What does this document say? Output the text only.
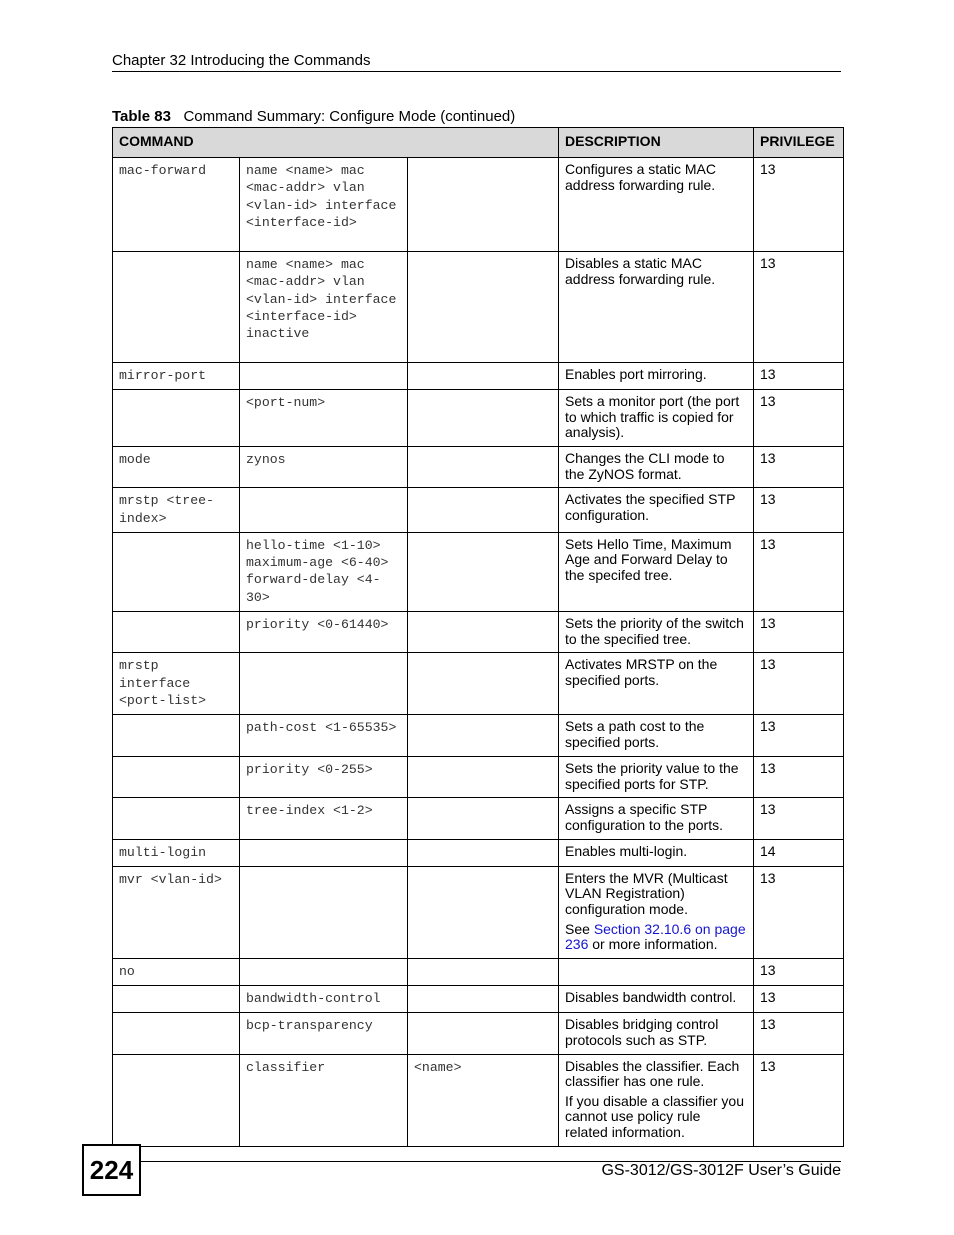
Chapter 32 Introducing the Commands
Table 83 Command Summary: Configure Mode (continued)
COMMAND			DESCRIPTION	PRIVILEGE
mac-forward	name <name> mac <mac-addr> vlan <vlan-id> interface <interface-id>		Configures a static MAC address forwarding rule.	13
	name <name> mac <mac-addr> vlan <vlan-id> interface <interface-id> inactive		Disables a static MAC address forwarding rule.	13
mirror-port			Enables port mirroring.	13
	<port-num>		Sets a monitor port (the port to which traffic is copied for analysis).	13
mode	zynos		Changes the CLI mode to the ZyNOS format.	13
mrstp <tree-index>			Activates the specified STP configuration.	13
	hello-time <1-10> maximum-age <6-40> forward-delay <4-30>		Sets Hello Time, Maximum Age and Forward Delay to the specifed tree.	13
	priority <0-61440>		Sets the priority of the switch to the specified tree.	13
mrstp interface <port-list>			Activates MRSTP on the specified ports.	13
	path-cost <1-65535>		Sets a path cost to the specified ports.	13
	priority <0-255>		Sets the priority value to the specified ports for STP.	13
	tree-index <1-2>		Assigns a specific STP configuration to the ports.	13
multi-login			Enables multi-login.	14
mvr <vlan-id>			Enters the MVR (Multicast VLAN Registration) configuration mode.

See Section 32.10.6 on page 236 or more information.	13
no				13
	bandwidth-control		Disables bandwidth control.	13
	bcp-transparency		Disables bridging control protocols such as STP.	13
	classifier	<name>	Disables the classifier. Each classifier has one rule.

If you disable a classifier you cannot use policy rule related information.	13
224	GS-3012/GS-3012F User’s Guide
